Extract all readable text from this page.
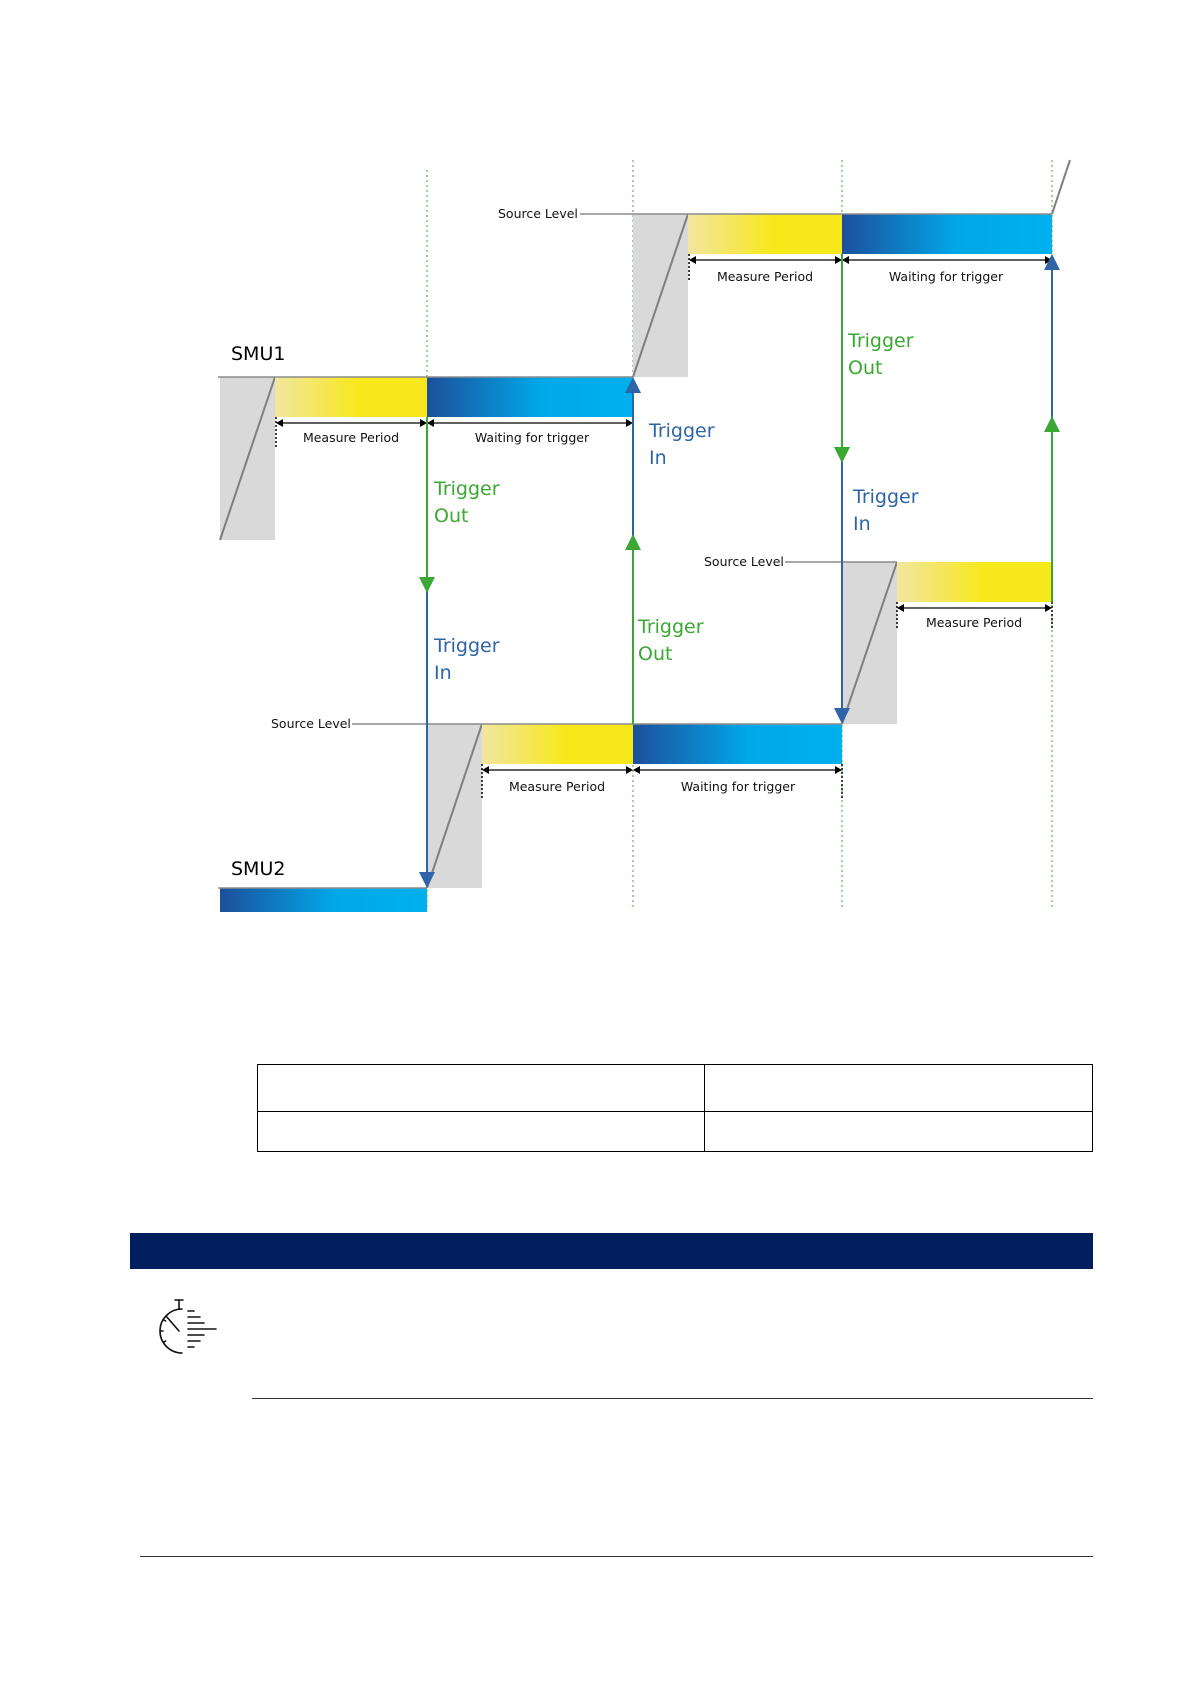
SMU1
SMU2
Source Level
Source Level
Source Level
Measure Period	Waiting for trigger
Measure Period	Waiting for trigger
Measure Period	Waiting for trigger
Measure Period
Trigger
Out
Trigger
Out
Trigger
Out
Trigger
In
Trigger
In
Trigger
In
